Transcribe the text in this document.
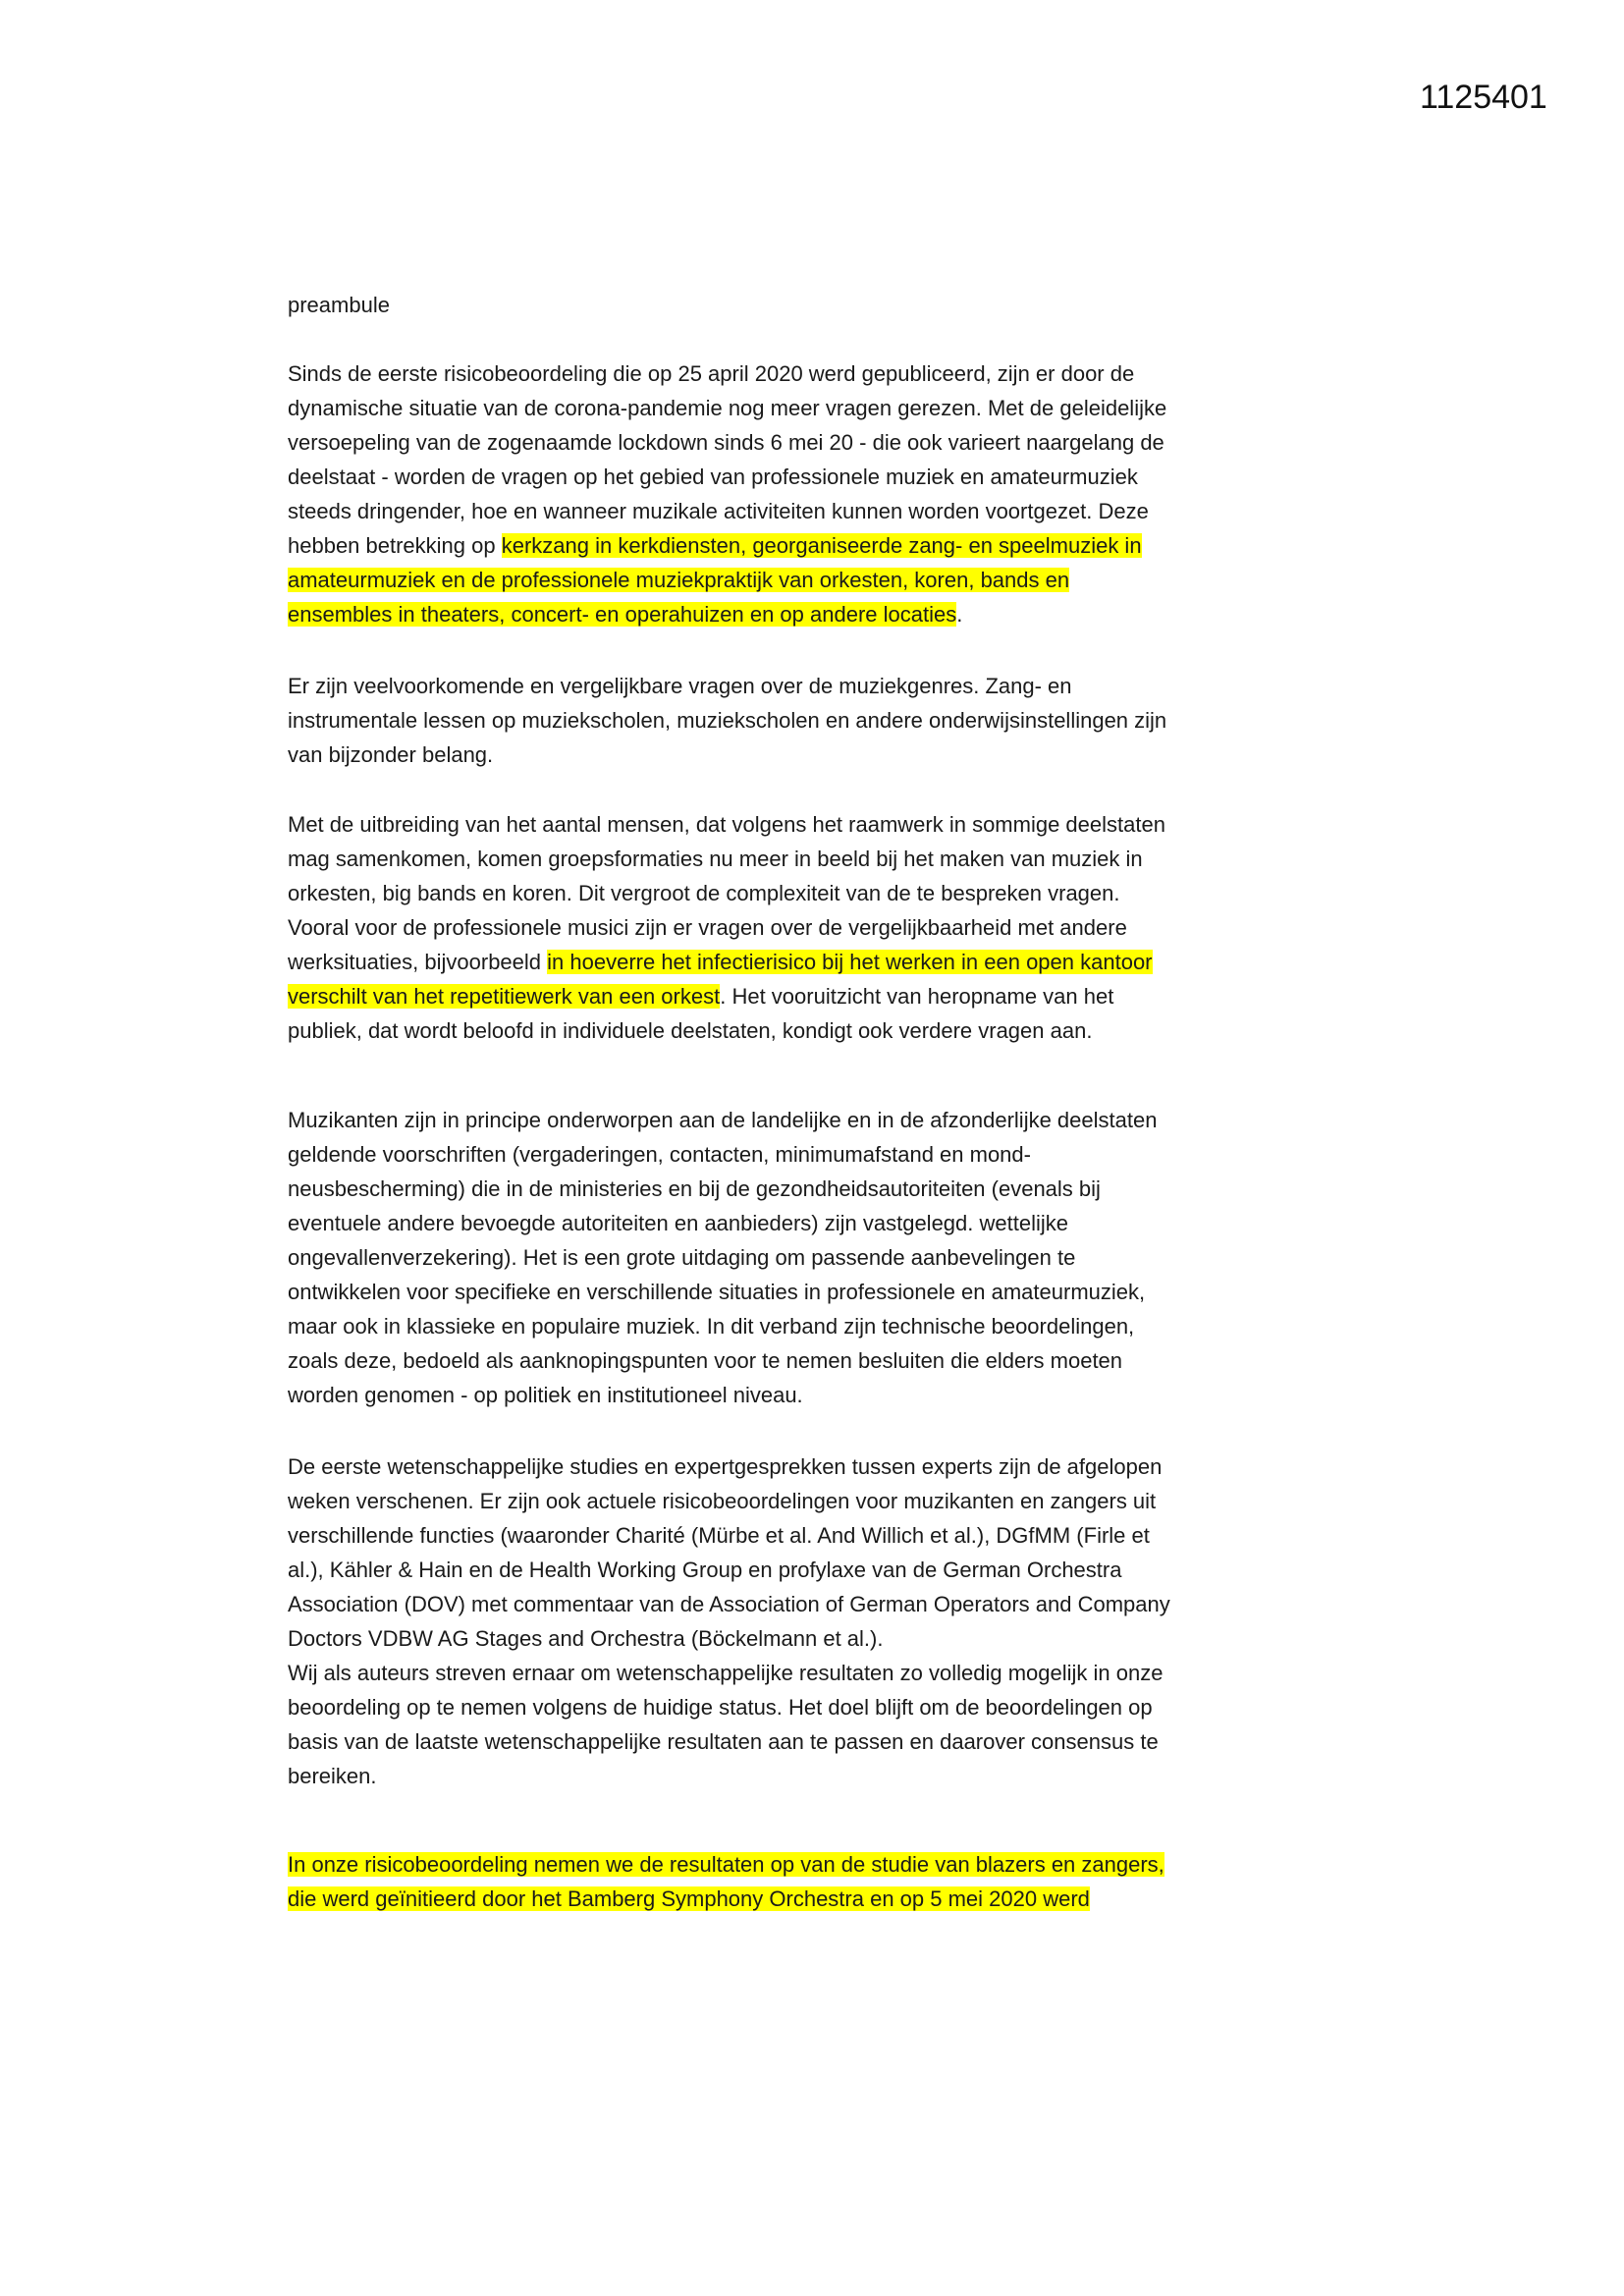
1125401
preambule
Sinds de eerste risicobeoordeling die op 25 april 2020 werd gepubliceerd, zijn er door de
dynamische situatie van de corona-pandemie nog meer vragen gerezen. Met de geleidelijke
versoepeling van de zogenaamde lockdown sinds 6 mei 20 - die ook varieert naargelang de
deelstaat - worden de vragen op het gebied van professionele muziek en amateurmuziek
steeds dringender, hoe en wanneer muzikale activiteiten kunnen worden voortgezet. Deze
hebben betrekking op kerkzang in kerkdiensten, georganiseerde zang- en speelmuziek in
amateurmuziek en de professionele muziekpraktijk van orkesten, koren, bands en
ensembles in theaters, concert- en operahuizen en op andere locaties.
Er zijn veelvoorkomende en vergelijkbare vragen over de muziekgenres. Zang- en
instrumentale lessen op muziekscholen, muziekscholen en andere onderwijsinstellingen zijn
van bijzonder belang.
Met de uitbreiding van het aantal mensen, dat volgens het raamwerk in sommige deelstaten
mag samenkomen, komen groepsformaties nu meer in beeld bij het maken van muziek in
orkesten, big bands en koren. Dit vergroot de complexiteit van de te bespreken vragen.
Vooral voor de professionele musici zijn er vragen over de vergelijkbaarheid met andere
werksituaties, bijvoorbeeld in hoeverre het infectierisico bij het werken in een open kantoor
verschilt van het repetitiewerk van een orkest. Het vooruitzicht van heropname van het
publiek, dat wordt beloofd in individuele deelstaten, kondigt ook verdere vragen aan.
Muzikanten zijn in principe onderworpen aan de landelijke en in de afzonderlijke deelstaten
geldende voorschriften (vergaderingen, contacten, minimumafstand en mond-
neusbescherming) die in de ministeries en bij de gezondheidsautoriteiten (evenals bij
eventuele andere bevoegde autoriteiten en aanbieders) zijn vastgelegd. wettelijke
ongevallenverzekering). Het is een grote uitdaging om passende aanbevelingen te
ontwikkelen voor specifieke en verschillende situaties in professionele en amateurmuziek,
maar ook in klassieke en populaire muziek. In dit verband zijn technische beoordelingen,
zoals deze, bedoeld als aanknopingspunten voor te nemen besluiten die elders moeten
worden genomen - op politiek en institutioneel niveau.
De eerste wetenschappelijke studies en expertgesprekken tussen experts zijn de afgelopen
weken verschenen. Er zijn ook actuele risicobeoordelingen voor muzikanten en zangers uit
verschillende functies (waaronder Charité (Mürbe et al. And Willich et al.), DGfMM (Firle et
al.), Kähler & Hain en de Health Working Group en profylaxe van de German Orchestra
Association (DOV) met commentaar van de Association of German Operators and Company
Doctors VDBW AG Stages and Orchestra (Böckelmann et al.).
Wij als auteurs streven ernaar om wetenschappelijke resultaten zo volledig mogelijk in onze
beoordeling op te nemen volgens de huidige status. Het doel blijft om de beoordelingen op
basis van de laatste wetenschappelijke resultaten aan te passen en daarover consensus te
bereiken.
In onze risicobeoordeling nemen we de resultaten op van de studie van blazers en zangers,
die werd geïnitieerd door het Bamberg Symphony Orchestra en op 5 mei 2020 werd
